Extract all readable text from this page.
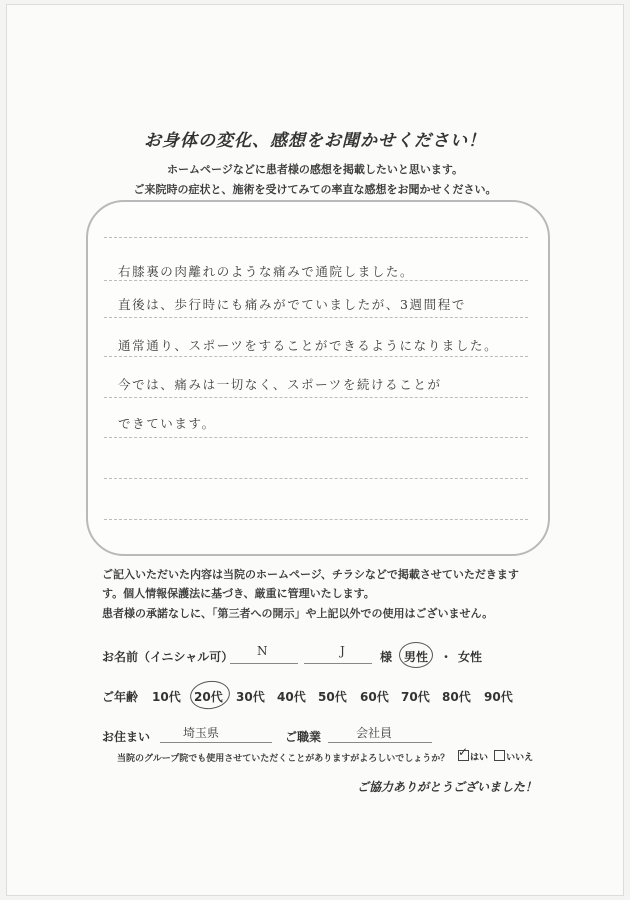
お身体の変化、感想をお聞かせください！
ホームページなどに患者様の感想を掲載したいと思います。
ご来院時の症状と、施術を受けてみての率直な感想をお聞かせください。
右膝裏の肉離れのような痛みで通院しました。
直後は、歩行時にも痛みがでていましたが、3週間程で
通常通り、スポーツをすることができるようになりました。
今では、痛みは一切なく、スポーツを続けることが
できています。
ご記入いただいた内容は当院のホームページ、チラシなどで掲載させていただきます
す。個人情報保護法に基づき、厳重に管理いたします。
患者様の承諾なしに、「第三者への開示」や上記以外での使用はございません。
お名前（イニシャル可） N	J	様 男性 ・ 女性
ご年齢 10代 20代 30代 40代 50代 60代 70代 80代 90代
お住まい	埼玉県	ご職業	会社員
当院のグループ院でも使用させていただくことがありますがよろしいでしょうか？ ✓ はい いいえ
ご協力ありがとうございました！
